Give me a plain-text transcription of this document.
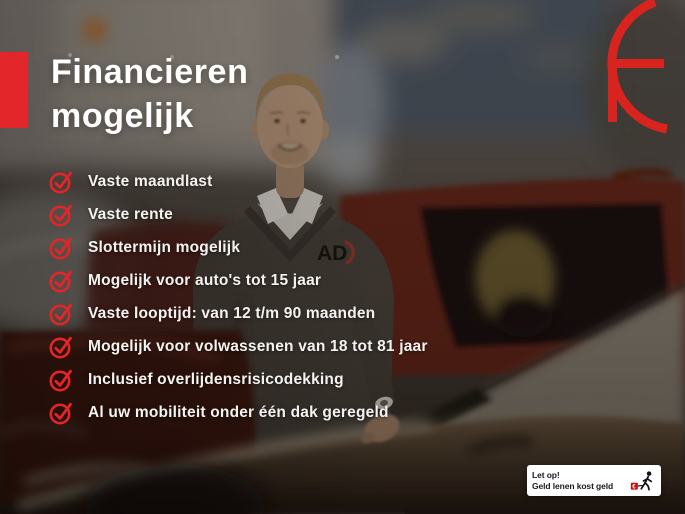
Financieren
mogelijk
Vaste maandlast
Vaste rente
Slottermijn mogelijk
Mogelijk voor auto's tot 15 jaar
Vaste looptijd: van 12 t/m 90 maanden
Mogelijk voor volwassenen van 18 tot 81 jaar
Inclusief overlijdensrisicodekking
Al uw mobiliteit onder één dak geregeld
Let op!
Geld lenen kost geld	€
